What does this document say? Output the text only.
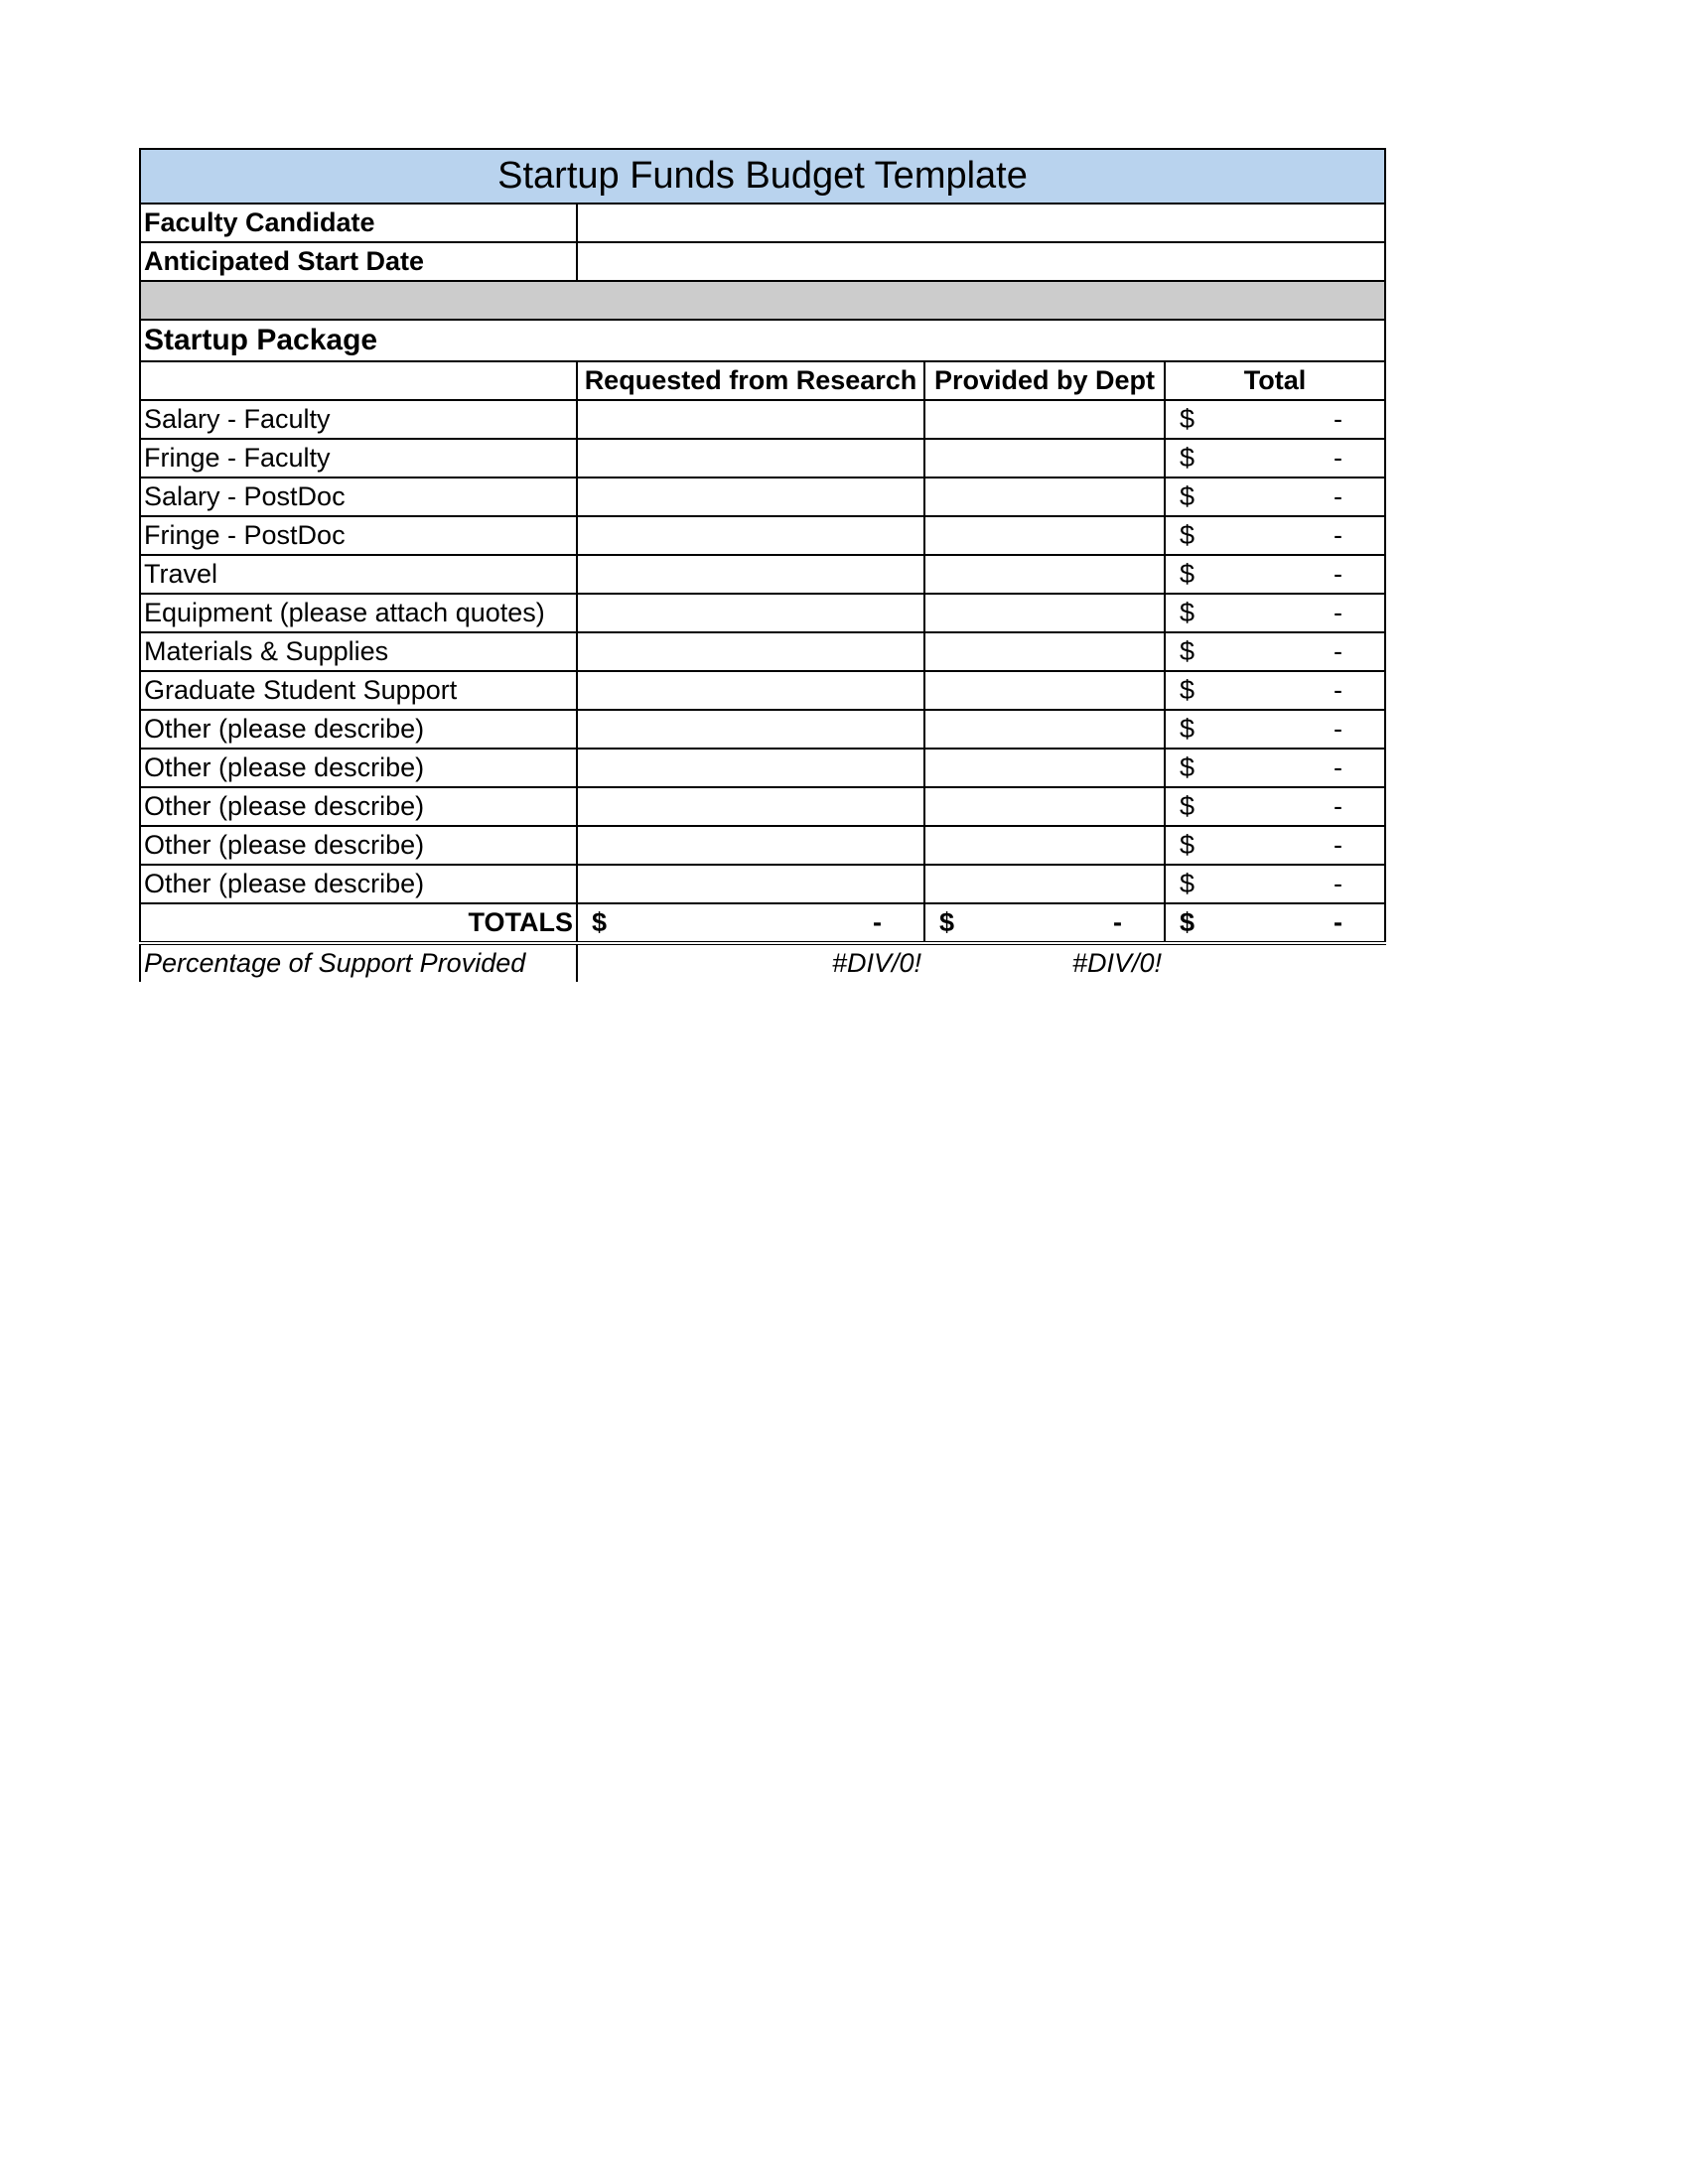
Startup Funds Budget Template			
Faculty Candidate			
Anticipated Start Date			

Startup Package			
	Requested from Research	Provided by Dept	Total
Salary - Faculty			$ -

Fringe - Faculty			$ -

Salary - PostDoc			$ -

Fringe - PostDoc			$ -

Travel			$ -

Equipment (please attach quotes)			$ -

Materials & Supplies			$ -

Graduate Student Support			$ -

Other (please describe)			$ -

Other (please describe)			$ -

Other (please describe)			$ -

Other (please describe)			$ -

Other (please describe)			$ -

TOTALS	$ -	$ -	$ -

Percentage of Support Provided	#DIV/0!	#DIV/0!	
